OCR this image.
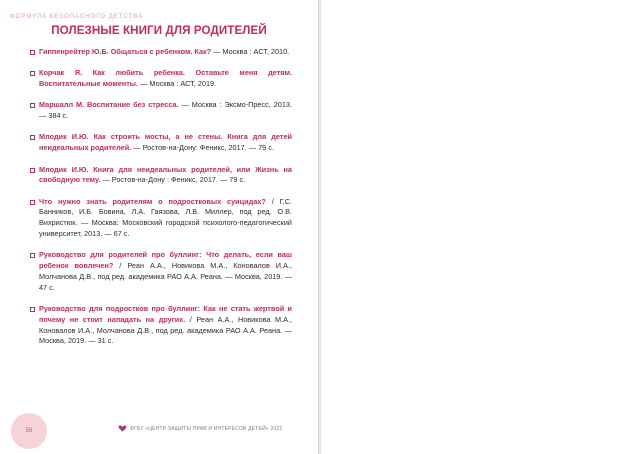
ФОРМУЛА БЕЗОПАСНОГО ДЕТСТВА
ПОЛЕЗНЫЕ КНИГИ ДЛЯ РОДИТЕЛЕЙ
Гиппенрейтер Ю.Б. Общаться с ребенком. Как? — Москва : АСТ, 2010.
Корчак Я. Как любить ребенка. Оставьте меня детям. Воспитательные моменты. — Москва : АСТ, 2019.
Маршалл М. Воспитание без стресса. — Москва : Эксмо-Пресс, 2013. — 384 с.
Млодик И.Ю. Как строить мосты, а не стены. Книга для детей неидеальных родителей. — Ростов-на-Дону: Феникс, 2017. — 79 с.
Млодик И.Ю. Книга для неидеальных родителей, или Жизнь на свободную тему. — Ростов-на-Дону : Феникс, 2017. — 79 с.
Что нужно знать родителям о подростковых суицидах? / Г.С. Банников, И.Б. Бовина, Л.А. Гаязова, Л.В. Миллер, под ред. О.В. Вихристюк. — Москва: Московский городской психолого-педагогический университет, 2013. — 67 с.
Руководство для родителей про буллинг: Что делать, если ваш ребенок вовлечен? / Реан А.А., Новикова М.А., Коновалов И.А., Молчанова Д.В., под ред. академика РАО А.А. Реана. — Москва, 2019. — 47 с.
Руководство для подростков про буллинг: Как не стать жертвой и почему не стоит нападать на других. / Реан А.А., Новикова М.А., Коновалов И.А., Молчанова Д.В., под ред. академика РАО А.А. Реана. — Москва, 2019. — 31 с.
56	ФГБУ «ЦЕНТР ЗАЩИТЫ ПРАВ И ИНТЕРЕСОВ ДЕТЕЙ» 2022
